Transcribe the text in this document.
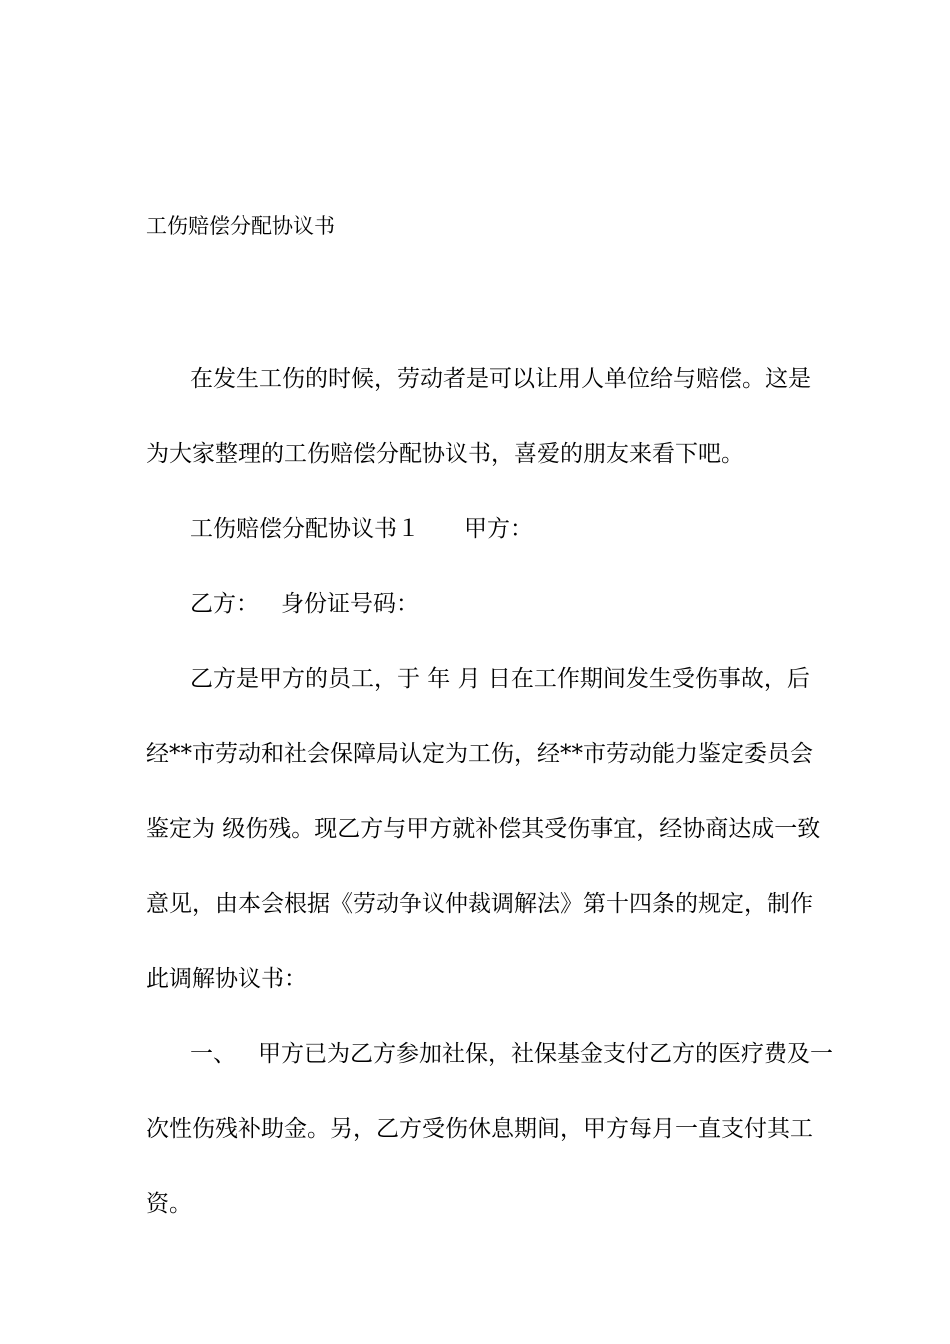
工伤赔偿分配协议书
在发生工伤的时候，劳动者是可以让用人单位给与赔偿。这是
为大家整理的工伤赔偿分配协议书，喜爱的朋友来看下吧。
工伤赔偿分配协议书１ 甲方：
乙方： 身份证号码：
乙方是甲方的员工，于 年 月 日在工作期间发生受伤事故，后
经**市劳动和社会保障局认定为工伤，经**市劳动能力鉴定委员会
鉴定为 级伤残。现乙方与甲方就补偿其受伤事宜，经协商达成一致
意见，由本会根据《劳动争议仲裁调解法》第十四条的规定，制作
此调解协议书：
一、 甲方已为乙方参加社保，社保基金支付乙方的医疗费及一
次性伤残补助金。另，乙方受伤休息期间，甲方每月一直支付其工
资。
